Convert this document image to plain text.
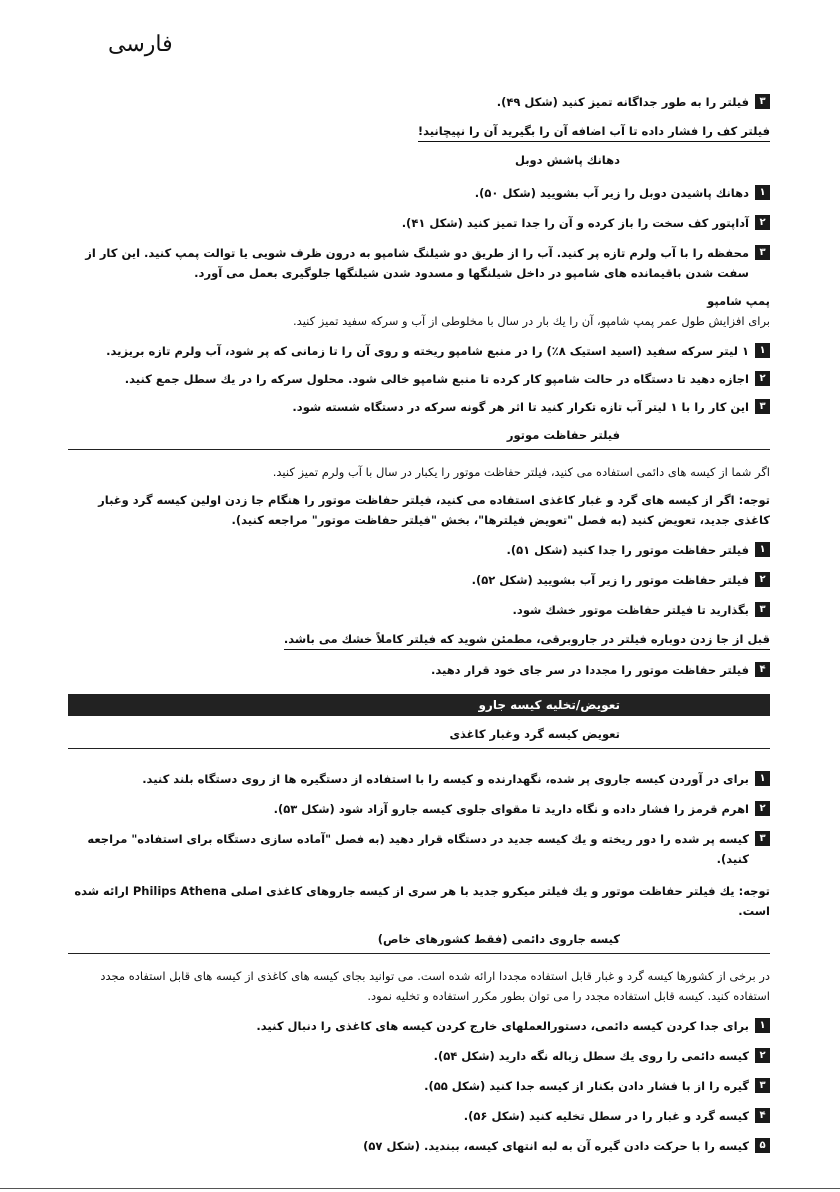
فارسی
٣
فیلتر را به طور جداگانه تمیز کنید (شکل ۴۹).
فیلتر کف را فشار داده تا آب اضافه آن را بگیرید آن را نپیچانید!
دهانك پاشش دوبل
١
دهانك پاشیدن دوبل را زیر آب بشویید (شکل ۵۰).
٢
آداپتور کف سخت را باز کرده و آن را جدا تمیز کنید (شکل ۴۱).
٣
محفظه را با آب ولرم تازه پر کنید. آب را از طریق دو شیلنگ شامپو به درون ظرف شویی یا توالت پمپ کنید. این کار از سفت شدن باقیمانده های شامپو در داخل شیلنگها و مسدود شدن شیلنگها جلوگیری بعمل می آورد.
پمپ شامپو
برای افزایش طول عمر پمپ شامپو، آن را یك بار در سال با مخلوطی از آب و سرکه سفید تمیز کنید.
١
۱ لیتر سرکه سفید (اسید استیک ۸٪) را در منبع شامپو ریخته و روی آن را تا زمانی که پر شود، آب ولرم تازه بریزید.
٢
اجازه دهید تا دستگاه در حالت شامپو کار کرده تا منبع شامپو خالی شود. محلول سرکه را در یك سطل جمع کنید.
٣
این کار را با ۱ لیتر آب تازه تکرار کنید تا اثر هر گونه سرکه در دستگاه شسته شود.
فیلتر حفاظت موتور
اگر شما از کیسه های دائمی استفاده می کنید، فیلتر حفاظت موتور را یکبار در سال با آب ولرم تمیز کنید.
توجه: اگر از کیسه های گرد و غبار کاغذی استفاده می کنید، فیلتر حفاظت موتور را هنگام جا زدن اولین کیسه گرد وغبار کاغذی جدید، تعویض کنید (به فصل "تعویض فیلترها"، بخش "فیلتر حفاظت موتور" مراجعه کنید).
١
فیلتر حفاظت موتور را جدا کنید (شکل ۵۱).
٢
فیلتر حفاظت موتور را زیر آب بشویید (شکل ۵۲).
٣
بگذارید تا فیلتر حفاظت موتور خشك شود.
قبل از جا زدن دوباره فیلتر در جاروبرقی، مطمئن شوید که فیلتر کاملاً خشك می باشد.
۴
فیلتر حفاظت موتور را مجددا در سر جای خود قرار دهید.
تعویض/تخلیه کیسه جارو
تعویض کیسه گرد وغبار کاغذی
١
برای در آوردن کیسه جاروی پر شده، نگهدارنده و کیسه را با استفاده از دستگیره ها از روی دستگاه بلند کنید.
٢
اهرم قرمز را فشار داده و نگاه دارید تا مقوای جلوی کیسه جارو آزاد شود (شکل ۵۳).
٣
کیسه پر شده را دور ریخته و یك کیسه جدید در دستگاه قرار دهید (به فصل "آماده سازی دستگاه برای استفاده" مراجعه کنید).
توجه: یك فیلتر حفاظت موتور و یك فیلتر میکرو جدید با هر سری از کیسه جاروهای کاغذی اصلی Philips Athena ارائه شده است.
کیسه جاروی دائمی (فقط کشورهای خاص)
در برخی از کشورها کیسه گرد و غبار قابل استفاده مجددا ارائه شده است. می توانید بجای کیسه های کاغذی از کیسه های قابل استفاده مجدد استفاده کنید. کیسه قابل استفاده مجدد را می توان بطور مکرر استفاده و تخلیه نمود.
١
برای جدا کردن کیسه دائمی، دستورالعملهای خارج کردن کیسه های کاغذی را دنبال کنید.
٢
کیسه دائمی را روی یك سطل زباله نگه دارید (شکل ۵۴).
٣
گیره را از با فشار دادن بکنار از کیسه جدا کنید (شکل ۵۵).
۴
کیسه گرد و غبار را در سطل تخلیه کنید (شکل ۵۶).
۵
کیسه را با حرکت دادن گیره آن به لبه انتهای کیسه، ببندید. (شکل ۵۷)
